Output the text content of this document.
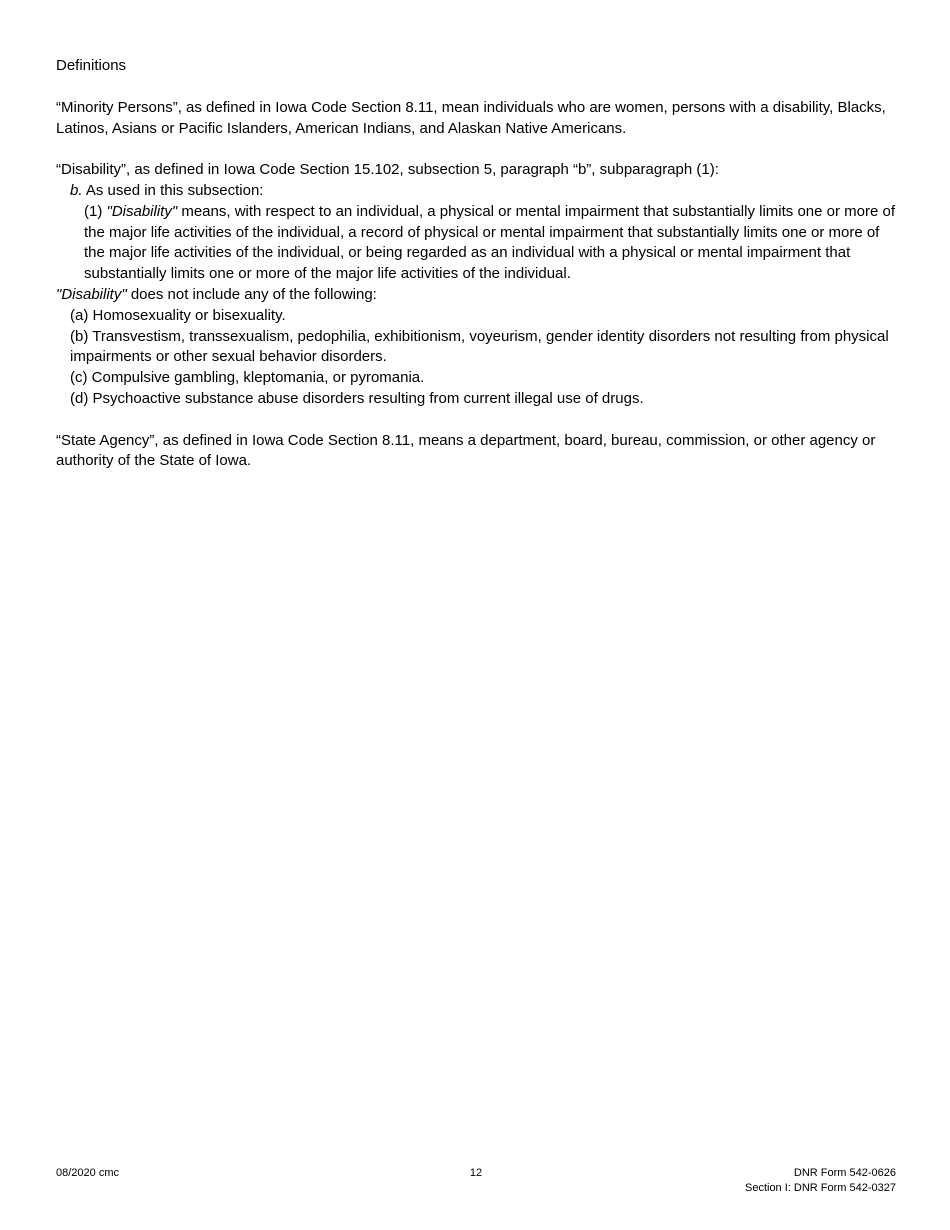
Definitions

“Minority Persons”, as defined in Iowa Code Section 8.11, mean individuals who are women, persons with a disability, Blacks, Latinos, Asians or Pacific Islanders, American Indians, and Alaskan Native Americans.

“Disability”, as defined in Iowa Code Section 15.102, subsection 5, paragraph “b”, subparagraph (1):

b. As used in this subsection:

(1) "Disability" means, with respect to an individual, a physical or mental impairment that substantially limits one or more of the major life activities of the individual, a record of physical or mental impairment that substantially limits one or more of the major life activities of the individual, or being regarded as an individual with a physical or mental impairment that substantially limits one or more of the major life activities of the individual.

"Disability" does not include any of the following:

(a) Homosexuality or bisexuality.

(b) Transvestism, transsexualism, pedophilia, exhibitionism, voyeurism, gender identity disorders not resulting from physical impairments or other sexual behavior disorders.

(c) Compulsive gambling, kleptomania, or pyromania.

(d) Psychoactive substance abuse disorders resulting from current illegal use of drugs.

“State Agency”, as defined in Iowa Code Section 8.11, means a department, board, bureau, commission, or other agency or authority of the State of Iowa.

08/2020 cmc	12	DNR Form 542-0626
Section I: DNR Form 542-0327
